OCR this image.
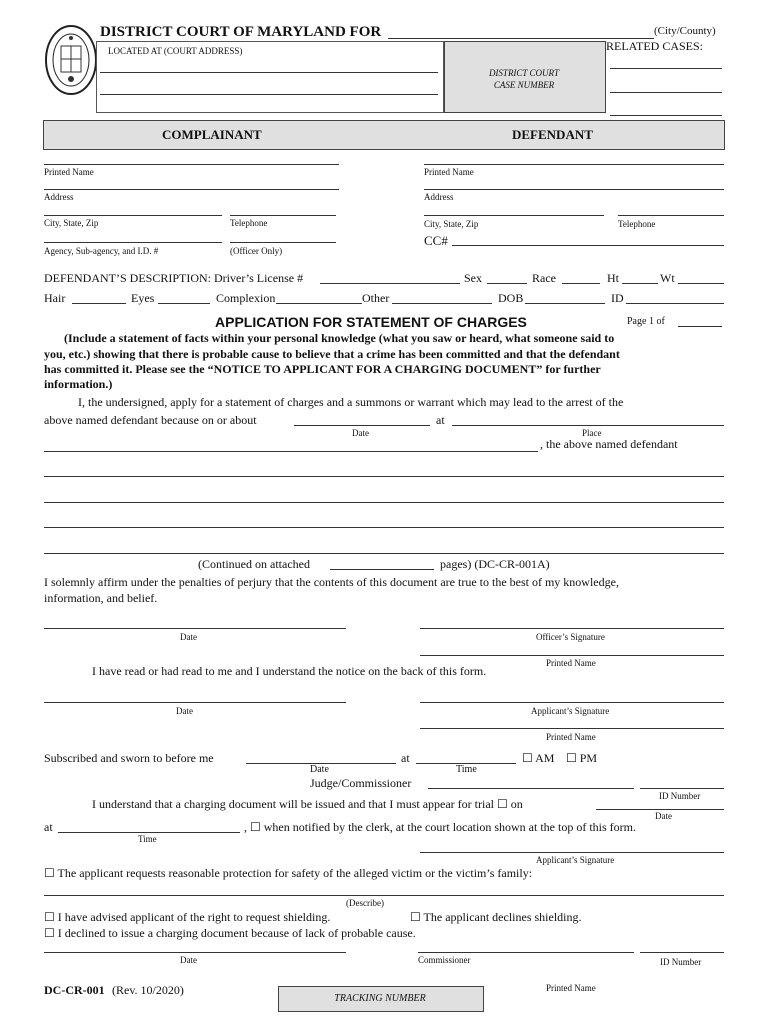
DISTRICT COURT OF MARYLAND FOR	(City/County)
RELATED CASES:
LOCATED AT (COURT ADDRESS)
DISTRICT COURT
CASE NUMBER
COMPLAINANT	DEFENDANT
Printed Name
Address
City, State, Zip	Telephone
Agency, Sub-agency, and I.D. #	(Officer Only)
Printed Name
Address
City, State, Zip	Telephone
CC#
DEFENDANT’S DESCRIPTION: Driver’s License #	Sex	Race	Ht	Wt
Hair	Eyes	Complexion	Other	DOB	ID
APPLICATION FOR STATEMENT OF CHARGES	Page 1 of
(Include a statement of facts within your personal knowledge (what you saw or heard, what someone said to
you, etc.) showing that there is probable cause to believe that a crime has been committed and that the defendant
has committed it. Please see the “NOTICE TO APPLICANT FOR A CHARGING DOCUMENT” for further
information.)
I, the undersigned, apply for a statement of charges and a summons or warrant which may lead to the arrest of the
above named defendant because on or about	at
Date	Place
, the above named defendant
(Continued on attached	pages) (DC-CR-001A)
I solemnly affirm under the penalties of perjury that the contents of this document are true to the best of my knowledge,
information, and belief.
Date	Officer’s Signature
Printed Name
I have read or had read to me and I understand the notice on the back of this form.
Date	Applicant’s Signature
Printed Name
Subscribed and sworn to before me	at	☐ AM ☐ PM
Date	Time
Judge/Commissioner
ID Number
I understand that a charging document will be issued and that I must appear for trial ☐ on
Date
at	, ☐ when notified by the clerk, at the court location shown at the top of this form.
Time
Applicant’s Signature
☐ The applicant requests reasonable protection for safety of the alleged victim or the victim’s family:
(Describe)
☐ I have advised applicant of the right to request shielding.	☐ The applicant declines shielding.
☐ I declined to issue a charging document because of lack of probable cause.
Date	Commissioner	ID Number
Printed Name
DC-CR-001 (Rev. 10/2020)
TRACKING NUMBER
